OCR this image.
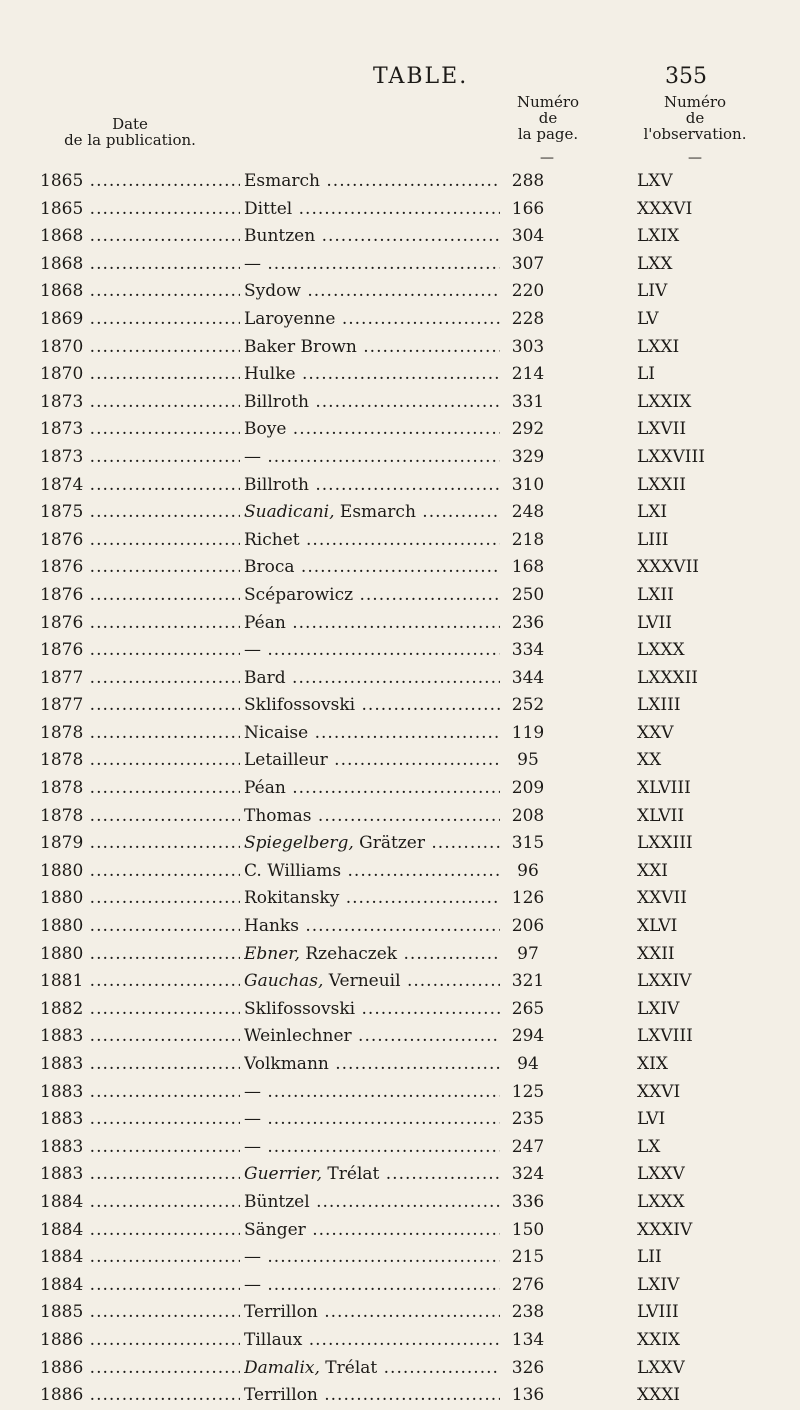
TABLE.	355
Date
de la publication.
Numéro
de
la page.
Numéro
de
l'observation.
—	—
1865 .....	Esmarch .....	288	LXV
1865 .....	Dittel .....	166	XXXVI
1868 .....	Buntzen .....	304	LXIX
1868 .....	— .....	307	LXX
1868 .....	Sydow .....	220	LIV
1869 .....	Laroyenne .....	228	LV
1870 .....	Baker Brown .....	303	LXXI
1870 .....	Hulke .....	214	LI
1873 .....	Billroth .....	331	LXXIX
1873 .....	Boye .....	292	LXVII
1873 .....	— .....	329	LXXVIII
1874 .....	Billroth .....	310	LXXII
1875 .....	Suadicani, Esmarch .....	248	LXI
1876 .....	Richet .....	218	LIII
1876 .....	Broca .....	168	XXXVII
1876 .....	Scéparowicz .....	250	LXII
1876 .....	Péan .....	236	LVII
1876 .....	— .....	334	LXXX
1877 .....	Bard .....	344	LXXXII
1877 .....	Sklifossovski .....	252	LXIII
1878 .....	Nicaise .....	119	XXV
1878 .....	Letailleur .....	95	XX
1878 .....	Péan .....	209	XLVIII
1878 .....	Thomas .....	208	XLVII
1879 .....	Spiegelberg, Grätzer .....	315	LXXIII
1880 .....	C. Williams .....	96	XXI
1880 .....	Rokitansky .....	126	XXVII
1880 .....	Hanks .....	206	XLVI
1880 .....	Ebner, Rzehaczek .....	97	XXII
1881 .....	Gauchas, Verneuil .....	321	LXXIV
1882 .....	Sklifossovski .....	265	LXIV
1883 .....	Weinlechner .....	294	LXVIII
1883 .....	Volkmann .....	94	XIX
1883 .....	— .....	125	XXVI
1883 .....	— .....	235	LVI
1883 .....	— .....	247	LX
1883 .....	Guerrier, Trélat .....	324	LXXV
1884 .....	Büntzel .....	336	LXXX
1884 .....	Sänger .....	150	XXXIV
1884 .....	— .....	215	LII
1884 .....	— .....	276	LXIV
1885 .....	Terrillon .....	238	LVIII
1886 .....	Tillaux .....	134	XXIX
1886 .....	Damalix, Trélat .....	326	LXXV
1886 .....	Terrillon .....	136	XXXI
